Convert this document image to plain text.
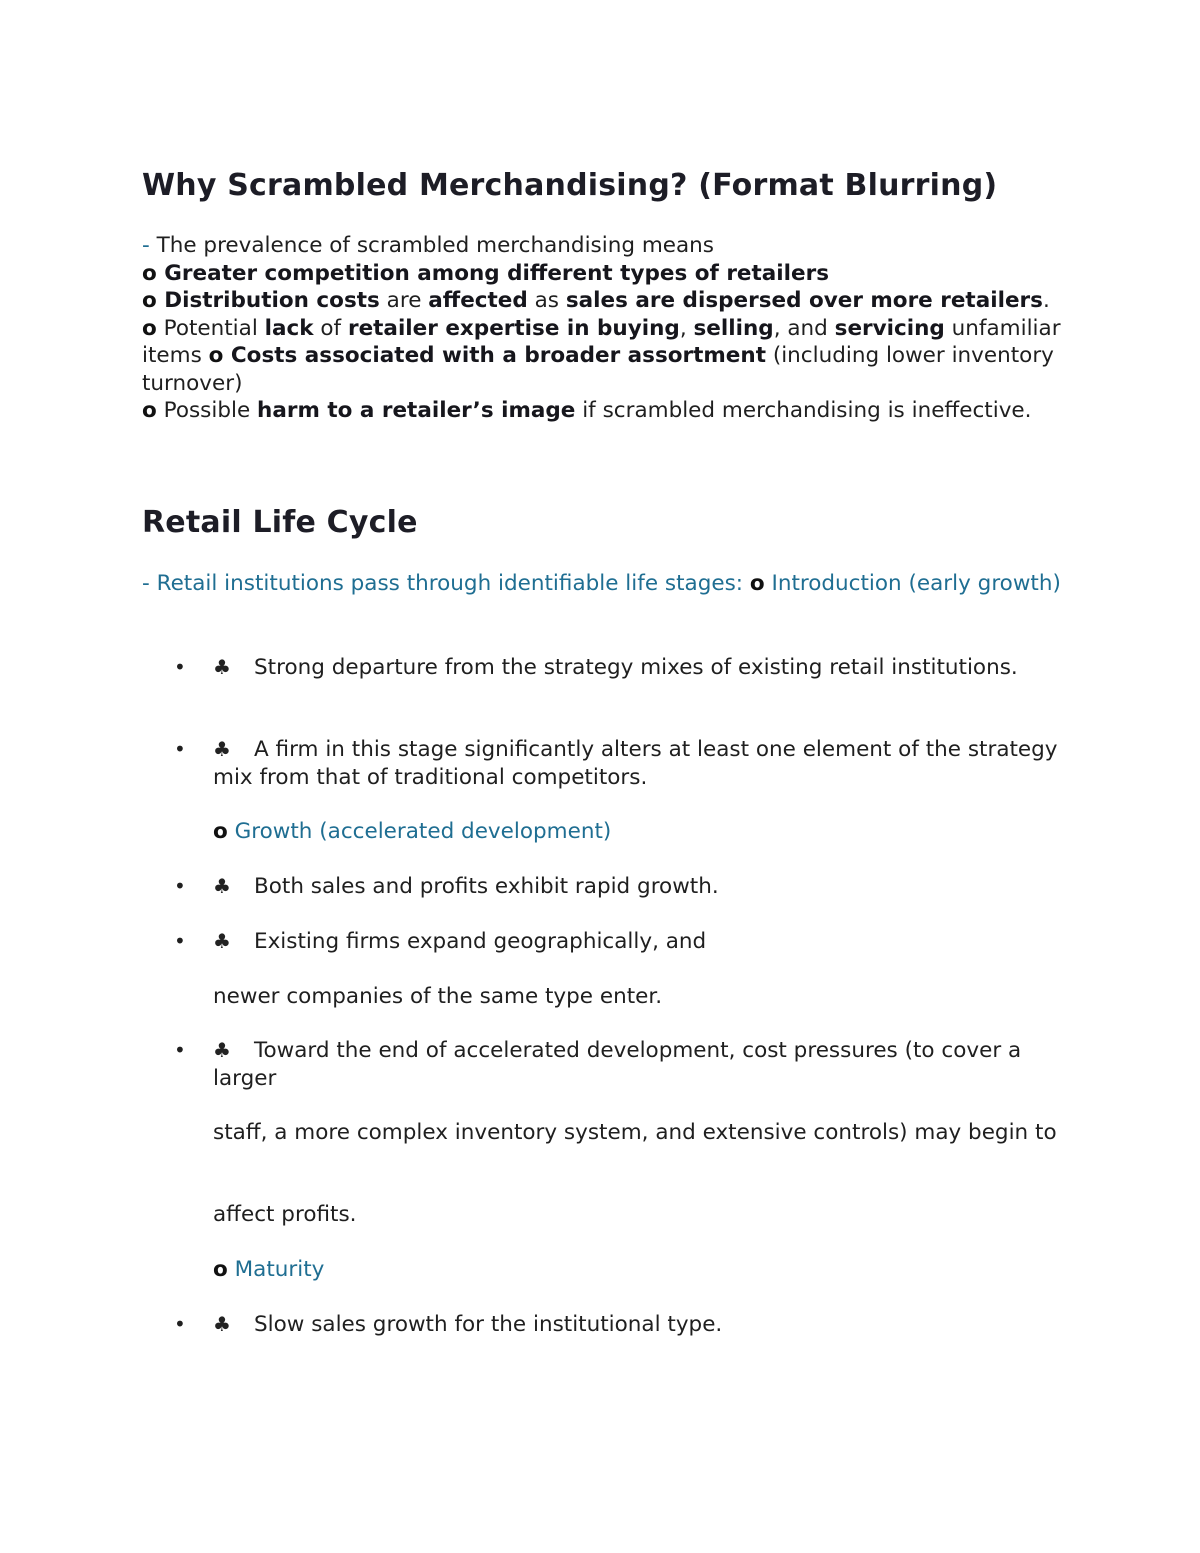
Why Scrambled Merchandising? (Format Blurring)

- The prevalence of scrambled merchandising means
o Greater competition among different types of retailers
o Distribution costs are affected as sales are dispersed over more retailers.
o Potential lack of retailer expertise in buying, selling, and servicing unfamiliar items o Costs associated with a broader assortment (including lower inventory turnover)
o Possible harm to a retailer’s image if scrambled merchandising is ineffective.

Retail Life Cycle

- Retail institutions pass through identifiable life stages: o Introduction (early growth)

• ♣	Strong departure from the strategy mixes of existing retail institutions.

• ♣	A firm in this stage significantly alters at least one element of the strategy mix from that of traditional competitors.

o Growth (accelerated development)

• ♣	Both sales and profits exhibit rapid growth.

• ♣	Existing firms expand geographically, and

newer companies of the same type enter.

• ♣	Toward the end of accelerated development, cost pressures (to cover a larger

staff, a more complex inventory system, and extensive controls) may begin to

affect profits.

o Maturity

• ♣	Slow sales growth for the institutional type.
